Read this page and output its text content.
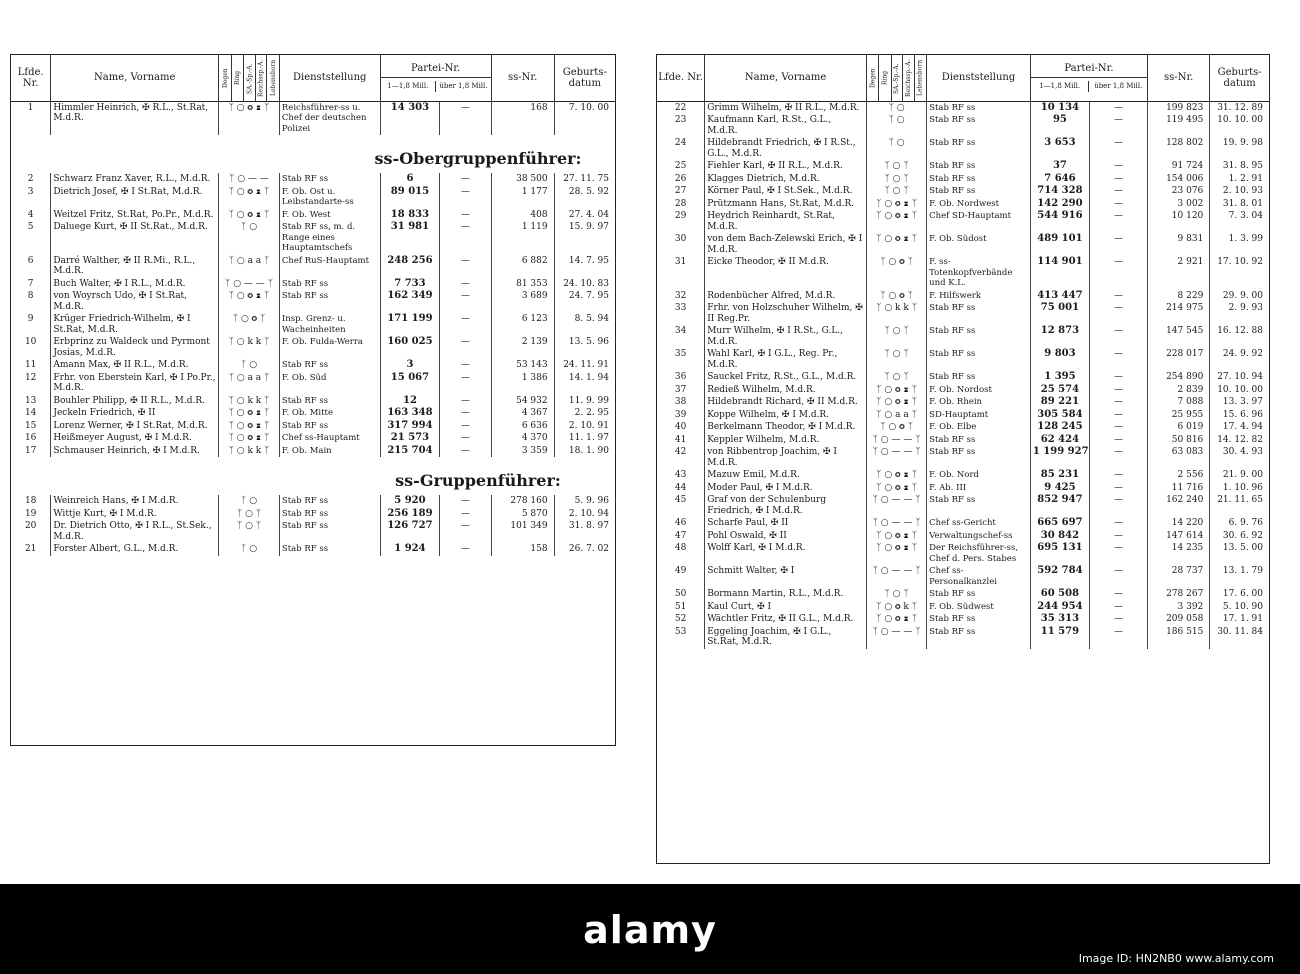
Lfde. Nr.	Name, Vorname	Degen	Ring	SA.-Sp.-A.	Reichssp.-A.	Lebensborn	Dienststellung	Partei-Nr.
1—1,8 Mill. über 1,8 Mill.		ss-Nr.	Geburts-datum
1	Himmler Heinrich, ✠ R.L., St.Rat, M.d.R.	ᛉ ○ ✪ ♜ ᛉ					Reichsführer-ss u. Chef der deutschen Polizei	14 303	—	168	7. 10. 00
ss-Obergruppenführer:											
2	Schwarz Franz Xaver, R.L., M.d.R.	ᛉ ○ — —					Stab RF ss	6	—	38 500	27. 11. 75
3	Dietrich Josef, ✠ I St.Rat, M.d.R.	ᛉ ○ ✪ ♜ ᛉ					F. Ob. Ost u. Leibstandarte-ss	89 015	—	1 177	28. 5. 92
4	Weitzel Fritz, St.Rat, Po.Pr., M.d.R.	ᛉ ○ ✪ ♜ ᛉ					F. Ob. West	18 833	—	408	27. 4. 04
5	Daluege Kurt, ✠ II St.Rat., M.d.R.	ᛉ ○					Stab RF ss, m. d. Range eines Hauptamtschefs	31 981	—	1 119	15. 9. 97
6	Darré Walther, ✠ II R.Mi., R.L., M.d.R.	ᛉ ○ a a ᛉ					Chef RuS-Hauptamt	248 256	—	6 882	14. 7. 95
7	Buch Walter, ✠ I R.L., M.d.R.	ᛉ ○ — — ᛉ					Stab RF ss	7 733	—	81 353	24. 10. 83
8	von Woyrsch Udo, ✠ I St.Rat, M.d.R.	ᛉ ○ ✪ ♜ ᛉ					Stab RF ss	162 349	—	3 689	24. 7. 95
9	Krüger Friedrich-Wilhelm, ✠ I St.Rat, M.d.R.	ᛉ ○ ✪ ᛉ					Insp. Grenz- u. Wacheinheiten	171 199	—	6 123	8. 5. 94
10	Erbprinz zu Waldeck und Pyrmont Josias, M.d.R.	ᛉ ○ k k ᛉ					F. Ob. Fulda-Werra	160 025	—	2 139	13. 5. 96
11	Amann Max, ✠ II R.L., M.d.R.	ᛉ ○					Stab RF ss	3	—	53 143	24. 11. 91
12	Frhr. von Eberstein Karl, ✠ I Po.Pr., M.d.R.	ᛉ ○ a a ᛉ					F. Ob. Süd	15 067	—	1 386	14. 1. 94
13	Bouhler Philipp, ✠ II R.L., M.d.R.	ᛉ ○ k k ᛉ					Stab RF ss	12	—	54 932	11. 9. 99
14	Jeckeln Friedrich, ✠ II	ᛉ ○ ✪ ♜ ᛉ					F. Ob. Mitte	163 348	—	4 367	2. 2. 95
15	Lorenz Werner, ✠ I St.Rat, M.d.R.	ᛉ ○ ✪ ♜ ᛉ					Stab RF ss	317 994	—	6 636	2. 10. 91
16	Heißmeyer August, ✠ I M.d.R.	ᛉ ○ ✪ ♜ ᛉ					Chef ss-Hauptamt	21 573	—	4 370	11. 1. 97
17	Schmauser Heinrich, ✠ I M.d.R.	ᛉ ○ k k ᛉ					F. Ob. Main	215 704	—	3 359	18. 1. 90
ss-Gruppenführer:											
18	Weinreich Hans, ✠ I M.d.R.	ᛉ ○					Stab RF ss	5 920	—	278 160	5. 9. 96
19	Wittje Kurt, ✠ I M.d.R.	ᛉ ○ ᛉ					Stab RF ss	256 189	—	5 870	2. 10. 94
20	Dr. Dietrich Otto, ✠ I R.L., St.Sek., M.d.R.	ᛉ ○ ᛉ					Stab RF ss	126 727	—	101 349	31. 8. 97
21	Forster Albert, G.L., M.d.R.	ᛉ ○					Stab RF ss	1 924	—	158	26. 7. 02
Lfde. Nr.	Name, Vorname	Degen	Ring	SA.-Sp.-A.	Reichssp.-A.	Lebensborn	Dienststellung	Partei-Nr.
1—1,8 Mill. über 1,8 Mill.		ss-Nr.	Geburts-datum
22	Grimm Wilhelm, ✠ II R.L., M.d.R.	ᛉ ○					Stab RF ss	10 134	—	199 823	31. 12. 89
23	Kaufmann Karl, R.St., G.L., M.d.R.	ᛉ ○					Stab RF ss	95	—	119 495	10. 10. 00
24	Hildebrandt Friedrich, ✠ I R.St., G.L., M.d.R.	ᛉ ○					Stab RF ss	3 653	—	128 802	19. 9. 98
25	Fiehler Karl, ✠ II R.L., M.d.R.	ᛉ ○ ᛉ					Stab RF ss	37	—	91 724	31. 8. 95
26	Klagges Dietrich, M.d.R.	ᛉ ○ ᛉ					Stab RF ss	7 646	—	154 006	1. 2. 91
27	Körner Paul, ✠ I St.Sek., M.d.R.	ᛉ ○ ᛉ					Stab RF ss	714 328	—	23 076	2. 10. 93
28	Prützmann Hans, St.Rat, M.d.R.	ᛉ ○ ✪ ♜ ᛉ					F. Ob. Nordwest	142 290	—	3 002	31. 8. 01
29	Heydrich Reinhardt, St.Rat, M.d.R.	ᛉ ○ ✪ ♜ ᛉ					Chef SD-Hauptamt	544 916	—	10 120	7. 3. 04
30	von dem Bach-Zelewski Erich, ✠ I M.d.R.	ᛉ ○ ✪ ♜ ᛉ					F. Ob. Südost	489 101	—	9 831	1. 3. 99
31	Eicke Theodor, ✠ II M.d.R.	ᛉ ○ ✪ ᛉ					F. ss-Totenkopfverbände und K.L.	114 901	—	2 921	17. 10. 92
32	Rodenbücher Alfred, M.d.R.	ᛉ ○ ✪ ᛉ					F. Hilfswerk	413 447	—	8 229	29. 9. 00
33	Frhr. von Holzschuher Wilhelm, ✠ II Reg.Pr.	ᛉ ○ k k ᛉ					Stab RF ss	75 001	—	214 975	2. 9. 93
34	Murr Wilhelm, ✠ I R.St., G.L., M.d.R.	ᛉ ○ ᛉ					Stab RF ss	12 873	—	147 545	16. 12. 88
35	Wahl Karl, ✠ I G.L., Reg. Pr., M.d.R.	ᛉ ○ ᛉ					Stab RF ss	9 803	—	228 017	24. 9. 92
36	Sauckel Fritz, R.St., G.L., M.d.R.	ᛉ ○ ᛉ					Stab RF ss	1 395	—	254 890	27. 10. 94
37	Redieß Wilhelm, M.d.R.	ᛉ ○ ✪ ♜ ᛉ					F. Ob. Nordost	25 574	—	2 839	10. 10. 00
38	Hildebrandt Richard, ✠ II M.d.R.	ᛉ ○ ✪ ♜ ᛉ					F. Ob. Rhein	89 221	—	7 088	13. 3. 97
39	Koppe Wilhelm, ✠ I M.d.R.	ᛉ ○ a a ᛉ					SD-Hauptamt	305 584	—	25 955	15. 6. 96
40	Berkelmann Theodor, ✠ I M.d.R.	ᛉ ○ ✪ ᛉ					F. Ob. Elbe	128 245	—	6 019	17. 4. 94
41	Keppler Wilhelm, M.d.R.	ᛉ ○ — — ᛉ					Stab RF ss	62 424	—	50 816	14. 12. 82
42	von Ribbentrop Joachim, ✠ I M.d.R.	ᛉ ○ — — ᛉ					Stab RF ss	1 199 927	—	63 083	30. 4. 93
43	Mazuw Emil, M.d.R.	ᛉ ○ ✪ ♜ ᛉ					F. Ob. Nord	85 231	—	2 556	21. 9. 00
44	Moder Paul, ✠ I M.d.R.	ᛉ ○ ✪ ♜ ᛉ					F. Ab. III	9 425	—	11 716	1. 10. 96
45	Graf von der Schulenburg Friedrich, ✠ I M.d.R.	ᛉ ○ — — ᛉ					Stab RF ss	852 947	—	162 240	21. 11. 65
46	Scharfe Paul, ✠ II	ᛉ ○ — — ᛉ					Chef ss-Gericht	665 697	—	14 220	6. 9. 76
47	Pohl Oswald, ✠ II	ᛉ ○ ✪ ♜ ᛉ					Verwaltungschef-ss	30 842	—	147 614	30. 6. 92
48	Wolff Karl, ✠ I M.d.R.	ᛉ ○ ✪ ♜ ᛉ					Der Reichsführer-ss, Chef d. Pers. Stabes	695 131	—	14 235	13. 5. 00
49	Schmitt Walter, ✠ I	ᛉ ○ — — ᛉ					Chef ss-Personalkanzlei	592 784	—	28 737	13. 1. 79
50	Bormann Martin, R.L., M.d.R.	ᛉ ○ ᛉ					Stab RF ss	60 508	—	278 267	17. 6. 00
51	Kaul Curt, ✠ I	ᛉ ○ ✪ k ᛉ					F. Ob. Südwest	244 954	—	3 392	5. 10. 90
52	Wächtler Fritz, ✠ II G.L., M.d.R.	ᛉ ○ ✪ ♜ ᛉ					Stab RF ss	35 313	—	209 058	17. 1. 91
53	Eggeling Joachim, ✠ I G.L., St.Rat, M.d.R.	ᛉ ○ — — ᛉ					Stab RF ss	11 579	—	186 515	30. 11. 84
alamy
Image ID: HN2NB0 www.alamy.com
